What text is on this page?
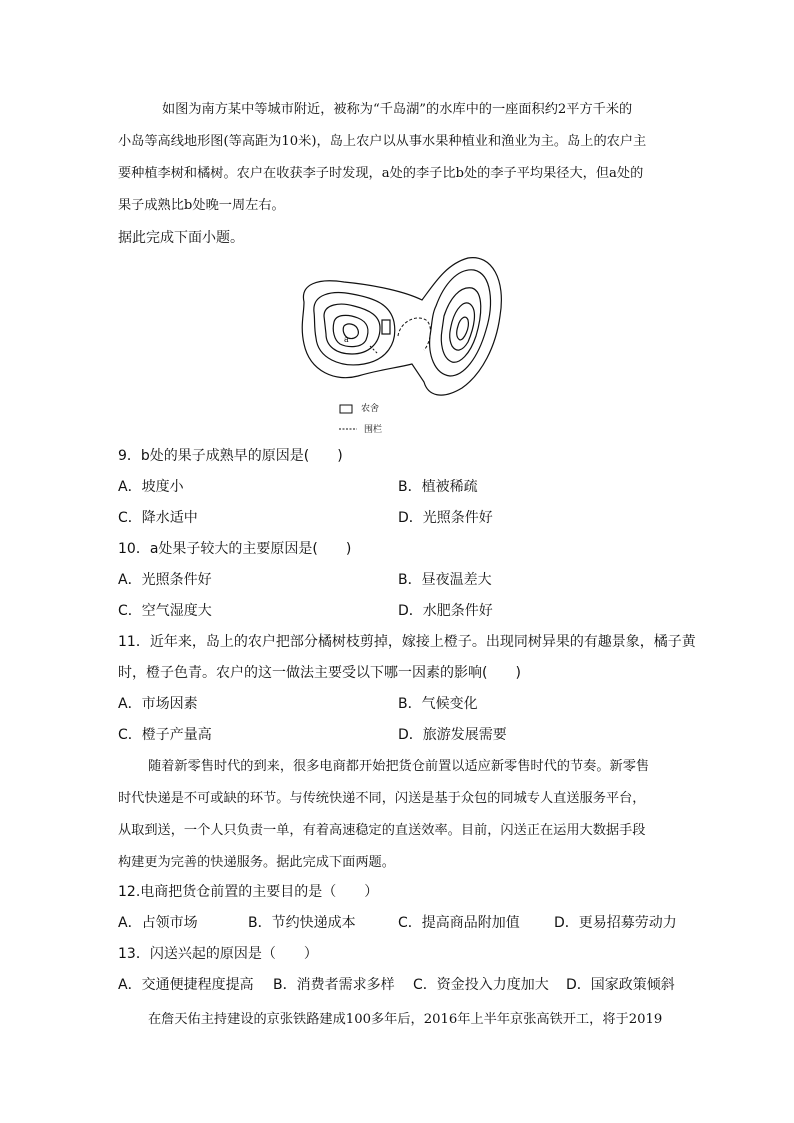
如图为南方某中等城市附近，被称为“千岛湖”的水库中的一座面积约2平方千米的
小岛等高线地形图(等高距为10米)，岛上农户以从事水果种植业和渔业为主。岛上的农户主
要种植李树和橘树。农户在收获李子时发现，a处的李子比b处的李子平均果径大，但a处的
果子成熟比b处晚一周左右。
据此完成下面小题。
a
农舍
围栏
9．b处的果子成熟早的原因是(　　)
A．坡度小	B．植被稀疏
C．降水适中	D．光照条件好
10．a处果子较大的主要原因是(　　)
A．光照条件好	B．昼夜温差大
C．空气湿度大	D．水肥条件好
11．近年来，岛上的农户把部分橘树枝剪掉，嫁接上橙子。出现同树异果的有趣景象，橘子黄
时，橙子色青。农户的这一做法主要受以下哪一因素的影响(　　)
A．市场因素	B．气候变化
C．橙子产量高	D．旅游发展需要
随着新零售时代的到来，很多电商都开始把货仓前置以适应新零售时代的节奏。新零售
时代快递是不可或缺的环节。与传统快递不同，闪送是基于众包的同城专人直送服务平台，
从取到送，一个人只负责一单，有着高速稳定的直送效率。目前，闪送正在运用大数据手段
构建更为完善的快递服务。据此完成下面两题。
12.电商把货仓前置的主要目的是（　　）
A．占领市场	B．节约快递成本	C．提高商品附加值 D．更易招募劳动力
13．闪送兴起的原因是（　　）
A．交通便捷程度提高 B．消费者需求多样 C．资金投入力度加大 D．国家政策倾斜
在詹天佑主持建设的京张铁路建成100多年后，2016年上半年京张高铁开工，将于2019
